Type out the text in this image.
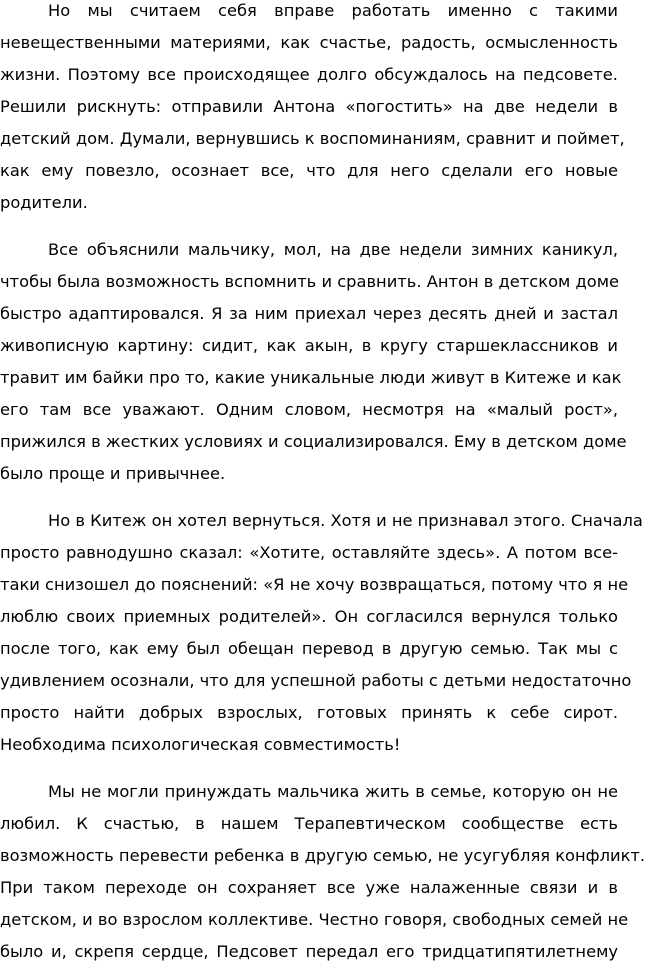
Но мы считаем себя вправе работать именно с такими
невещественными материями, как счастье, радость, осмысленность
жизни. Поэтому все происходящее долго обсуждалось на педсовете.
Решили рискнуть: отправили Антона «погостить» на две недели в
детский дом. Думали, вернувшись к воспоминаниям, сравнит и поймет,
как ему повезло, осознает все, что для него сделали его новые
родители.
Все объяснили мальчику, мол, на две недели зимних каникул,
чтобы была возможность вспомнить и сравнить. Антон в детском доме
быстро адаптировался. Я за ним приехал через десять дней и застал
живописную картину: сидит, как акын, в кругу старшеклассников и
травит им байки про то, какие уникальные люди живут в Китеже и как
его там все уважают. Одним словом, несмотря на «малый рост»,
прижился в жестких условиях и социализировался. Ему в детском доме
было проще и привычнее.
Но в Китеж он хотел вернуться. Хотя и не признавал этого. Сначала
просто равнодушно сказал: «Хотите, оставляйте здесь». А потом все-
таки снизошел до пояснений: «Я не хочу возвращаться, потому что я не
люблю своих приемных родителей». Он согласился вернулся только
после того, как ему был обещан перевод в другую семью. Так мы с
удивлением осознали, что для успешной работы с детьми недостаточно
просто найти добрых взрослых, готовых принять к себе сирот.
Необходима психологическая совместимость!
Мы не могли принуждать мальчика жить в семье, которую он не
любил. К счастью, в нашем Терапевтическом сообществе есть
возможность перевести ребенка в другую семью, не усугубляя конфликт.
При таком переходе он сохраняет все уже налаженные связи и в
детском, и во взрослом коллективе. Честно говоря, свободных семей не
было и, скрепя сердце, Педсовет передал его тридцатипятилетнему
